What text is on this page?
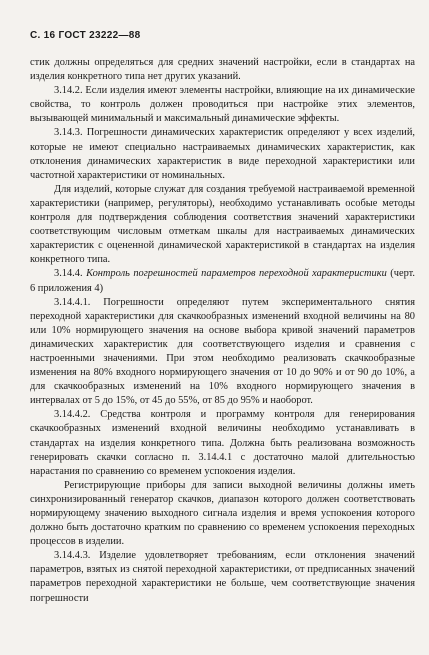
С. 16 ГОСТ 23222—88

стик должны определяться для средних значений настройки, если в стандартах на изделия конкретного типа нет других указаний.

3.14.2. Если изделия имеют элементы настройки, влияющие на их динамические свойства, то контроль должен проводиться при настройке этих элементов, вызывающей минимальный и максимальный динамические эффекты.

3.14.3. Погрешности динамических характеристик определяют у всех изделий, которые не имеют специально настраиваемых динамических характеристик, как отклонения динамических характеристик в виде переходной характеристики или частотной характеристики от номинальных.

Для изделий, которые служат для создания требуемой настраиваемой временной характеристики (например, регуляторы), необходимо устанавливать особые методы контроля для подтверждения соблюдения соответствия значений характеристики соответствующим числовым отметкам шкалы для настраиваемых динамических характеристик с оцененной динамической характеристикой в стандартах на изделия конкретного типа.

3.14.4. Контроль погрешностей параметров переходной характеристики (черт. 6 приложения 4)

3.14.4.1. Погрешности определяют путем экспериментального снятия переходной характеристики для скачкообразных изменений входной величины на 80 или 10% нормирующего значения на основе выбора кривой значений параметров динамических характеристик для соответствующего изделия и сравнения с настроенными значениями. При этом необходимо реализовать скачкообразные изменения на 80% входного нормирующего значения от 10 до 90% и от 90 до 10%, а для скачкообразных изменений на 10% входного нормирующего значения в интервалах от 5 до 15%, от 45 до 55%, от 85 до 95% и наоборот.

3.14.4.2. Средства контроля и программу контроля для генерирования скачкообразных изменений входной величины необходимо устанавливать в стандартах на изделия конкретного типа. Должна быть реализована возможность генерировать скачки согласно п. 3.14.4.1 с достаточно малой длительностью нарастания по сравнению со временем успокоения изделия.

Регистрирующие приборы для записи выходной величины должны иметь синхронизированный генератор скачков, диапазон которого должен соответствовать нормирующему значению выходного сигнала изделия и время успокоения которого должно быть достаточно кратким по сравнению со временем успокоения переходных процессов в изделии.

3.14.4.3. Изделие удовлетворяет требованиям, если отклонения значений параметров, взятых из снятой переходной характеристики, от предписанных значений параметров переходной характеристики не больше, чем соответствующие значения погрешности
